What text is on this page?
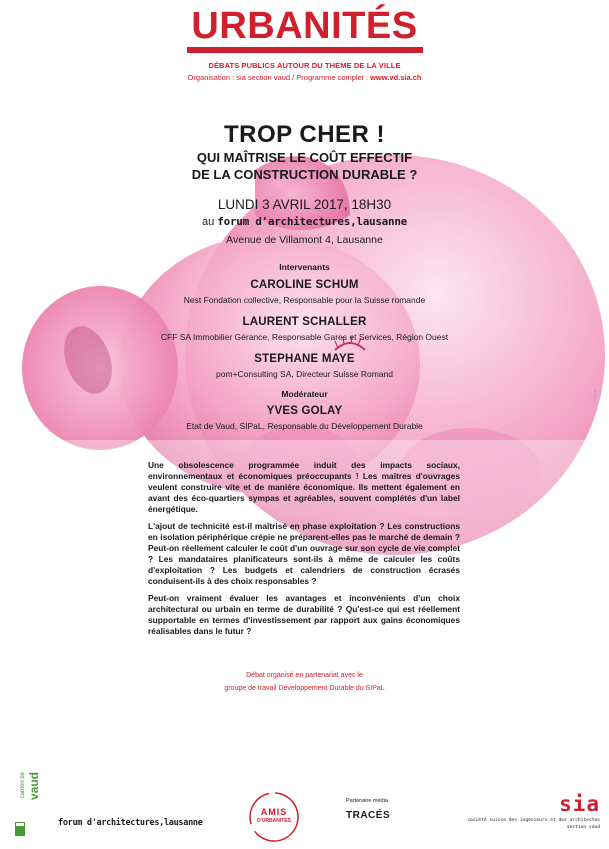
URBANITÉS
DÉBATS PUBLICS AUTOUR DU THÈME DE LA VILLE
Organisation : sia section vaud / Programme complet : www.vd.sia.ch
TROP CHER !
QUI MAÎTRISE LE COÛT EFFECTIF
DE LA CONSTRUCTION DURABLE ?
LUNDI 3 AVRIL 2017, 18H30
au forum d'architectures,lausanne
Avenue de Villamont 4, Lausanne
Intervenants
CAROLINE SCHUM
Nest Fondation collective, Responsable pour la Suisse romande
LAURENT SCHALLER
CFF SA Immobilier Gérance, Responsable Gares et Services, Région Ouest
STEPHANE MAYE
pom+Consulting SA, Directeur Suisse Romand
Modérateur
YVES GOLAY
Etat de Vaud, SIPaL, Responsable du Développement Durable

Une obsolescence programmée induit des impacts sociaux, environnementaux et économiques préoccupants ! Les maîtres d'ouvrages veulent construire vite et de manière économique. Ils mettent également en avant des éco-quartiers sympas et agréables, souvent complétés d'un label énergétique.

L'ajout de technicité est-il maîtrisé en phase exploitation ? Les constructions en isolation périphérique crépie ne préparent-elles pas le marché de demain ? Peut-on réellement calculer le coût d'un ouvrage sur son cycle de vie complet ? Les mandataires planificateurs sont-ils à même de calculer les coûts d'exploitation ? Les budgets et calendriers de construction écrasés conduisent-ils à des choix responsables ?

Peut-on vraiment évaluer les avantages et inconvénients d'un choix architectural ou urbain en terme de durabilité ? Qu'est-ce qui est réellement supportable en termes d'investissement par rapport aux gains économiques réalisables dans le futur ?

Débat organisé en partenariat avec le
groupe de travail Développement Durable du SIPaL
B-2017-A
canton de vaud
forum d'architectures,lausanne
AMIS
D'URBANITÉS
Partenaire média
TRACÉS	sia
société suisse des ingénieurs et des architectes
section vaud
